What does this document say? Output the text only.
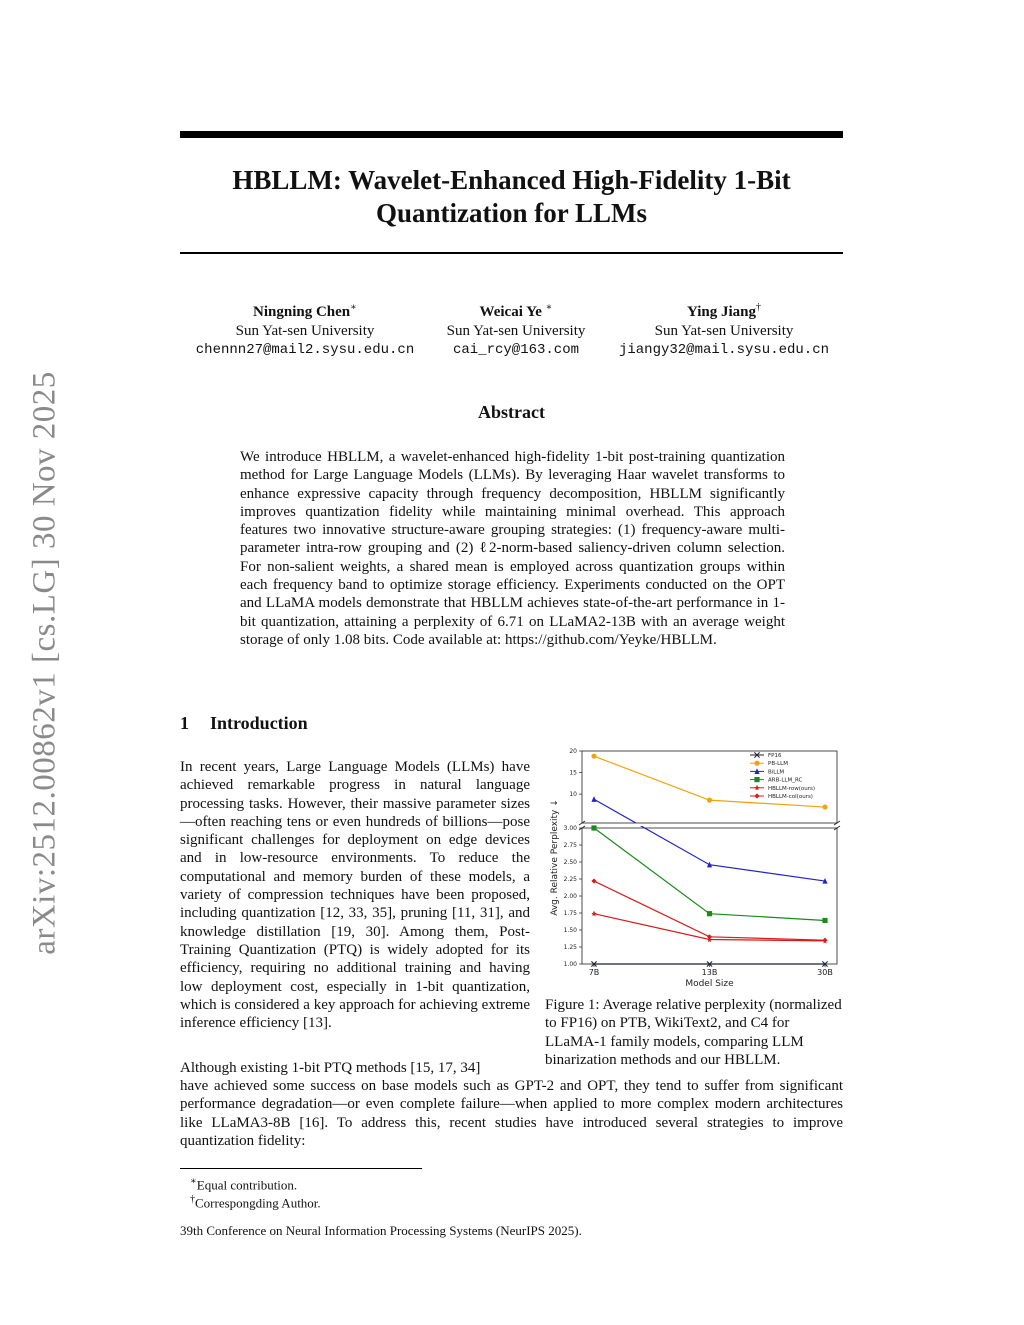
arXiv:2512.00862v1 [cs.LG] 30 Nov 2025
HBLLM: Wavelet-Enhanced High-Fidelity 1-Bit Quantization for LLMs
Ningning Chen∗
Sun Yat-sen University
chennn27@mail2.sysu.edu.cn
Weicai Ye ∗
Sun Yat-sen University
cai_rcy@163.com
Ying Jiang†
Sun Yat-sen University
jiangy32@mail.sysu.edu.cn
Abstract
We introduce HBLLM, a wavelet-enhanced high-fidelity 1-bit post-training quantization method for Large Language Models (LLMs). By leveraging Haar wavelet transforms to enhance expressive capacity through frequency decomposition, HBLLM significantly improves quantization fidelity while maintaining minimal overhead. This approach features two innovative structure-aware grouping strategies: (1) frequency-aware multi-parameter intra-row grouping and (2) ℓ2-norm-based saliency-driven column selection. For non-salient weights, a shared mean is employed across quantization groups within each frequency band to optimize storage efficiency. Experiments conducted on the OPT and LLaMA models demonstrate that HBLLM achieves state-of-the-art performance in 1-bit quantization, attaining a perplexity of 6.71 on LLaMA2-13B with an average weight storage of only 1.08 bits. Code available at: https://github.com/Yeyke/HBLLM.
1 Introduction
In recent years, Large Language Models (LLMs) have achieved remarkable progress in natural language processing tasks. However, their massive parameter sizes—often reaching tens or even hundreds of billions—pose significant challenges for deployment on edge devices and in low-resource environments. To reduce the computational and memory burden of these models, a variety of compression techniques have been proposed, including quantization [12, 33, 35], pruning [11, 31], and knowledge distillation [19, 30]. Among them, Post-Training Quantization (PTQ) is widely adopted for its efficiency, requiring no additional training and having low deployment cost, especially in 1-bit quantization, which is considered a key approach for achieving extreme inference efficiency [13].
Although existing 1-bit PTQ methods [15, 17, 34]
have achieved some success on base models such as GPT-2 and OPT, they tend to suffer from significant performance degradation—or even complete failure—when applied to more complex modern architectures like LLaMA3-8B [16]. To address this, recent studies have introduced several strategies to improve quantization fidelity:
10
15
20
1.00
1.25
1.50
1.75
2.00
2.25
2.50
2.75
3.00
7B	13B	30B
Model Size
Avg. Relative Perplexity ↓
FP16
PB-LLM
BiLLM
ARB-LLM_RC
HBLLM-row(ours)
HBLLM-col(ours)
Figure 1: Average relative perplexity (normalized to FP16) on PTB, WikiText2, and C4 for LLaMA-1 family models, comparing LLM binarization methods and our HBLLM.
∗Equal contribution.
†Correspongding Author.
39th Conference on Neural Information Processing Systems (NeurIPS 2025).
